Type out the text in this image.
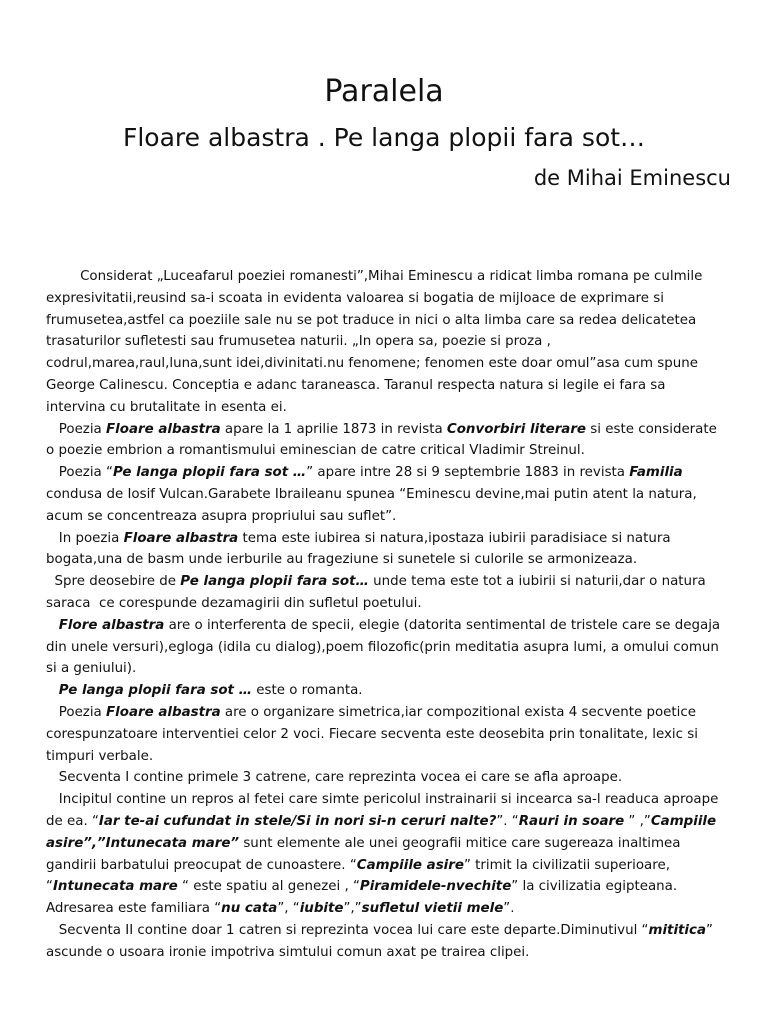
Paralela
Floare albastra . Pe langa plopii fara sot…
de Mihai Eminescu

Considerat „Luceafarul poeziei romanesti”,Mihai Eminescu a ridicat limba romana pe culmile expresivitatii,reusind sa-i scoata in evidenta valoarea si bogatia de mijloace de exprimare si frumusetea,astfel ca poeziile sale nu se pot traduce in nici o alta limba care sa redea delicatetea trasaturilor sufletesti sau frumusetea naturii. „In opera sa, poezie si proza , codrul,marea,raul,luna,sunt idei,divinitati.nu fenomene; fenomen este doar omul”asa cum spune George Calinescu. Conceptia e adanc taraneasca. Taranul respecta natura si legile ei fara sa intervina cu brutalitate in esenta ei.

Poezia Floare albastra apare la 1 aprilie 1873 in revista Convorbiri literare si este considerate o poezie embrion a romantismului eminescian de catre critical Vladimir Streinul.

Poezia “Pe langa plopii fara sot …” apare intre 28 si 9 septembrie 1883 in revista Familia condusa de Iosif Vulcan.Garabete Ibraileanu spunea “Eminescu devine,mai putin atent la natura, acum se concentreaza asupra propriului sau suflet”.

In poezia Floare albastra tema este iubirea si natura,ipostaza iubirii paradisiace si natura bogata,una de basm unde ierburile au frageziune si sunetele si culorile se armonizeaza.

Spre deosebire de Pe langa plopii fara sot… unde tema este tot a iubirii si naturii,dar o natura saraca  ce corespunde dezamagirii din sufletul poetului.

Flore albastra are o interferenta de specii, elegie (datorita sentimental de tristele care se degaja din unele versuri),egloga (idila cu dialog),poem filozofic(prin meditatia asupra lumi, a omului comun si a geniului).

Pe langa plopii fara sot … este o romanta.

Poezia Floare albastra are o organizare simetrica,iar compozitional exista 4 secvente poetice corespunzatoare interventiei celor 2 voci. Fiecare secventa este deosebita prin tonalitate, lexic si timpuri verbale.

Secventa I contine primele 3 catrene, care reprezinta vocea ei care se afla aproape.

Incipitul contine un repros al fetei care simte pericolul instrainarii si incearca sa-l readuca aproape de ea. “Iar te-ai cufundat in stele/Si in nori si-n ceruri nalte?”. “Rauri in soare ” ,”Campiile asire”,”Intunecata mare” sunt elemente ale unei geografii mitice care sugereaza inaltimea gandirii barbatului preocupat de cunoastere. “Campiile asire” trimit la civilizatii superioare, “Intunecata mare “ este spatiu al genezei , “Piramidele-nvechite” la civilizatia egipteana. Adresarea este familiara “nu cata”, “iubite”,”sufletul vietii mele”.

Secventa II contine doar 1 catren si reprezinta vocea lui care este departe.Diminutivul “mititica” ascunde o usoara ironie impotriva simtului comun axat pe trairea clipei.
